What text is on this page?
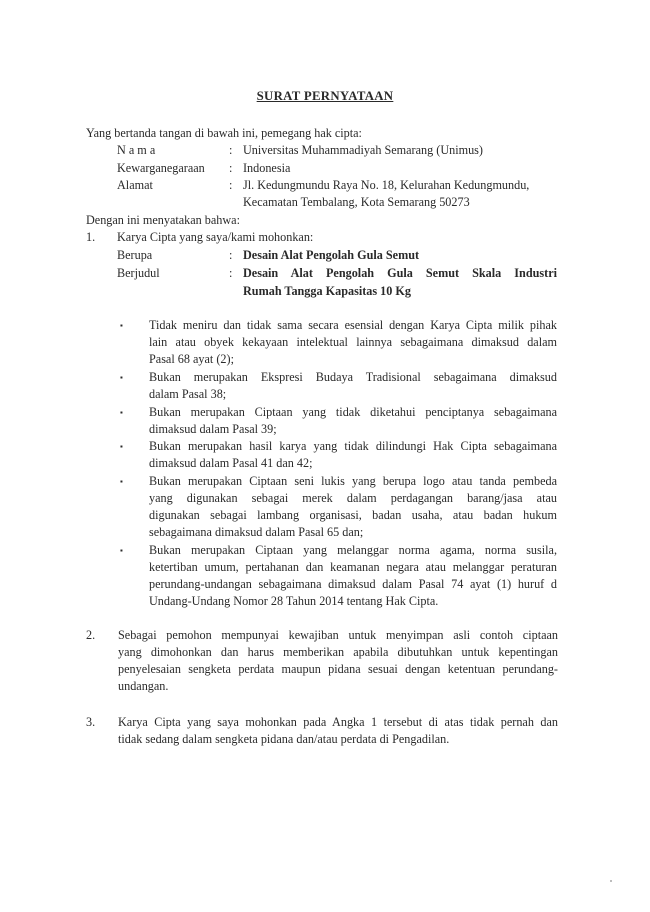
SURAT PERNYATAAN
Yang bertanda tangan di bawah ini, pemegang hak cipta:
N a m a	: Universitas Muhammadiyah Semarang (Unimus)
Kewarganegaraan : Indonesia
Alamat	: Jl. Kedungmundu Raya No. 18, Kelurahan Kedungmundu,
Kecamatan Tembalang, Kota Semarang 50273
Dengan ini menyatakan bahwa:
1. Karya Cipta yang saya/kami mohonkan:
Berupa	: Desain Alat Pengolah Gula Semut
Berjudul	: Desain Alat Pengolah Gula Semut Skala Industri
Rumah Tangga Kapasitas 10 Kg
▪ Tidak meniru dan tidak sama secara esensial dengan Karya Cipta milik pihak
lain atau obyek kekayaan intelektual lainnya sebagaimana dimaksud dalam
Pasal 68 ayat (2);
▪ Bukan merupakan Ekspresi Budaya Tradisional sebagaimana dimaksud
dalam Pasal 38;
▪ Bukan merupakan Ciptaan yang tidak diketahui penciptanya sebagaimana
dimaksud dalam Pasal 39;
▪ Bukan merupakan hasil karya yang tidak dilindungi Hak Cipta sebagaimana
dimaksud dalam Pasal 41 dan 42;
▪ Bukan merupakan Ciptaan seni lukis yang berupa logo atau tanda pembeda
yang digunakan sebagai merek dalam perdagangan barang/jasa atau
digunakan sebagai lambang organisasi, badan usaha, atau badan hukum
sebagaimana dimaksud dalam Pasal 65 dan;
▪ Bukan merupakan Ciptaan yang melanggar norma agama, norma susila,
ketertiban umum, pertahanan dan keamanan negara atau melanggar peraturan
perundang-undangan sebagaimana dimaksud dalam Pasal 74 ayat (1) huruf d
Undang-Undang Nomor 28 Tahun 2014 tentang Hak Cipta.
2. Sebagai pemohon mempunyai kewajiban untuk menyimpan asli contoh ciptaan
yang dimohonkan dan harus memberikan apabila dibutuhkan untuk kepentingan
penyelesaian sengketa perdata maupun pidana sesuai dengan ketentuan perundang-
undangan.
3. Karya Cipta yang saya mohonkan pada Angka 1 tersebut di atas tidak pernah dan
tidak sedang dalam sengketa pidana dan/atau perdata di Pengadilan.
